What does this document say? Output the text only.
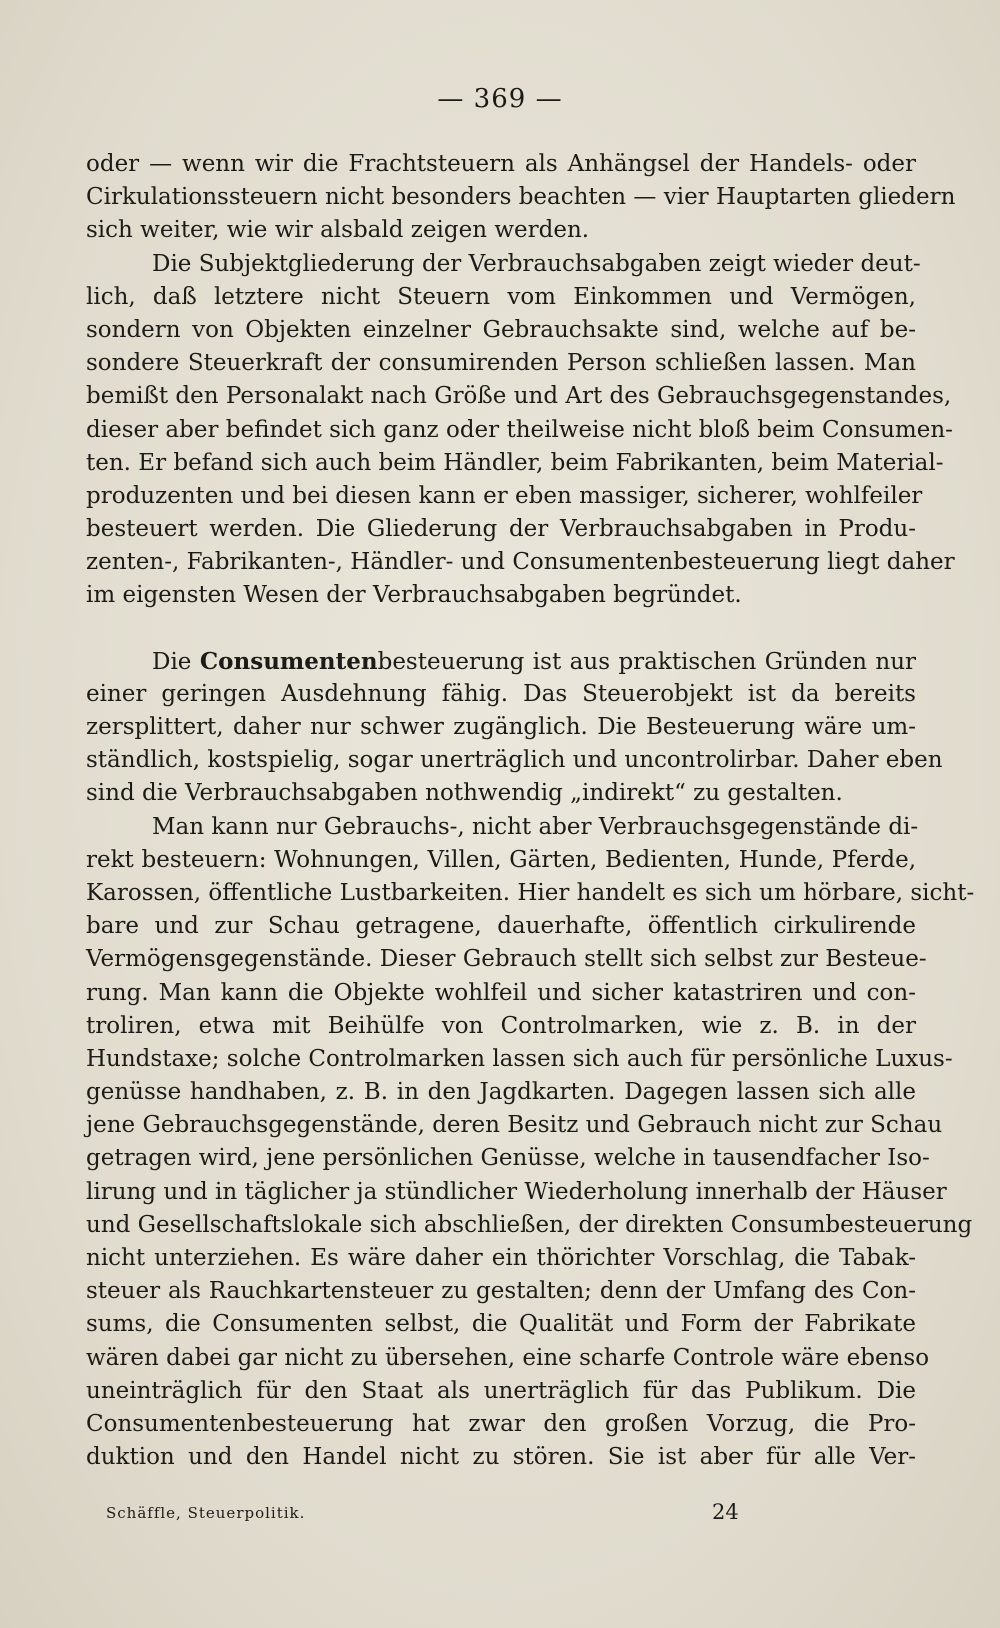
— 369 —
oder — wenn wir die Frachtsteuern als Anhängsel der Handels- oder
Cirkulationssteuern nicht besonders beachten — vier Hauptarten gliedern
sich weiter, wie wir alsbald zeigen werden.
Die Subjektgliederung der Verbrauchsabgaben zeigt wieder deut-
lich, daß letztere nicht Steuern vom Einkommen und Vermögen,
sondern von Objekten einzelner Gebrauchsakte sind, welche auf be-
sondere Steuerkraft der consumirenden Person schließen lassen. Man
bemißt den Personalakt nach Größe und Art des Gebrauchsgegenstandes,
dieser aber befindet sich ganz oder theilweise nicht bloß beim Consumen-
ten. Er befand sich auch beim Händler, beim Fabrikanten, beim Material-
produzenten und bei diesen kann er eben massiger, sicherer, wohlfeiler
besteuert werden. Die Gliederung der Verbrauchsabgaben in Produ-
zenten-, Fabrikanten-, Händler- und Consumentenbesteuerung liegt daher
im eigensten Wesen der Verbrauchsabgaben begründet.
Die Consumentenbesteuerung ist aus praktischen Gründen nur
einer geringen Ausdehnung fähig. Das Steuerobjekt ist da bereits
zersplittert, daher nur schwer zugänglich. Die Besteuerung wäre um-
ständlich, kostspielig, sogar unerträglich und uncontrolirbar. Daher eben
sind die Verbrauchsabgaben nothwendig „indirekt“ zu gestalten.
Man kann nur Gebrauchs-, nicht aber Verbrauchsgegenstände di-
rekt besteuern: Wohnungen, Villen, Gärten, Bedienten, Hunde, Pferde,
Karossen, öffentliche Lustbarkeiten. Hier handelt es sich um hörbare, sicht-
bare und zur Schau getragene, dauerhafte, öffentlich cirkulirende
Vermögensgegenstände. Dieser Gebrauch stellt sich selbst zur Besteue-
rung. Man kann die Objekte wohlfeil und sicher katastriren und con-
troliren, etwa mit Beihülfe von Controlmarken, wie z. B. in der
Hundstaxe; solche Controlmarken lassen sich auch für persönliche Luxus-
genüsse handhaben, z. B. in den Jagdkarten. Dagegen lassen sich alle
jene Gebrauchsgegenstände, deren Besitz und Gebrauch nicht zur Schau
getragen wird, jene persönlichen Genüsse, welche in tausendfacher Iso-
lirung und in täglicher ja stündlicher Wiederholung innerhalb der Häuser
und Gesellschaftslokale sich abschließen, der direkten Consumbesteuerung
nicht unterziehen. Es wäre daher ein thörichter Vorschlag, die Tabak-
steuer als Rauchkartensteuer zu gestalten; denn der Umfang des Con-
sums, die Consumenten selbst, die Qualität und Form der Fabrikate
wären dabei gar nicht zu übersehen, eine scharfe Controle wäre ebenso
uneinträglich für den Staat als unerträglich für das Publikum. Die
Consumentenbesteuerung hat zwar den großen Vorzug, die Pro-
duktion und den Handel nicht zu stören. Sie ist aber für alle Ver-
Schäffle, Steuerpolitik.	24
